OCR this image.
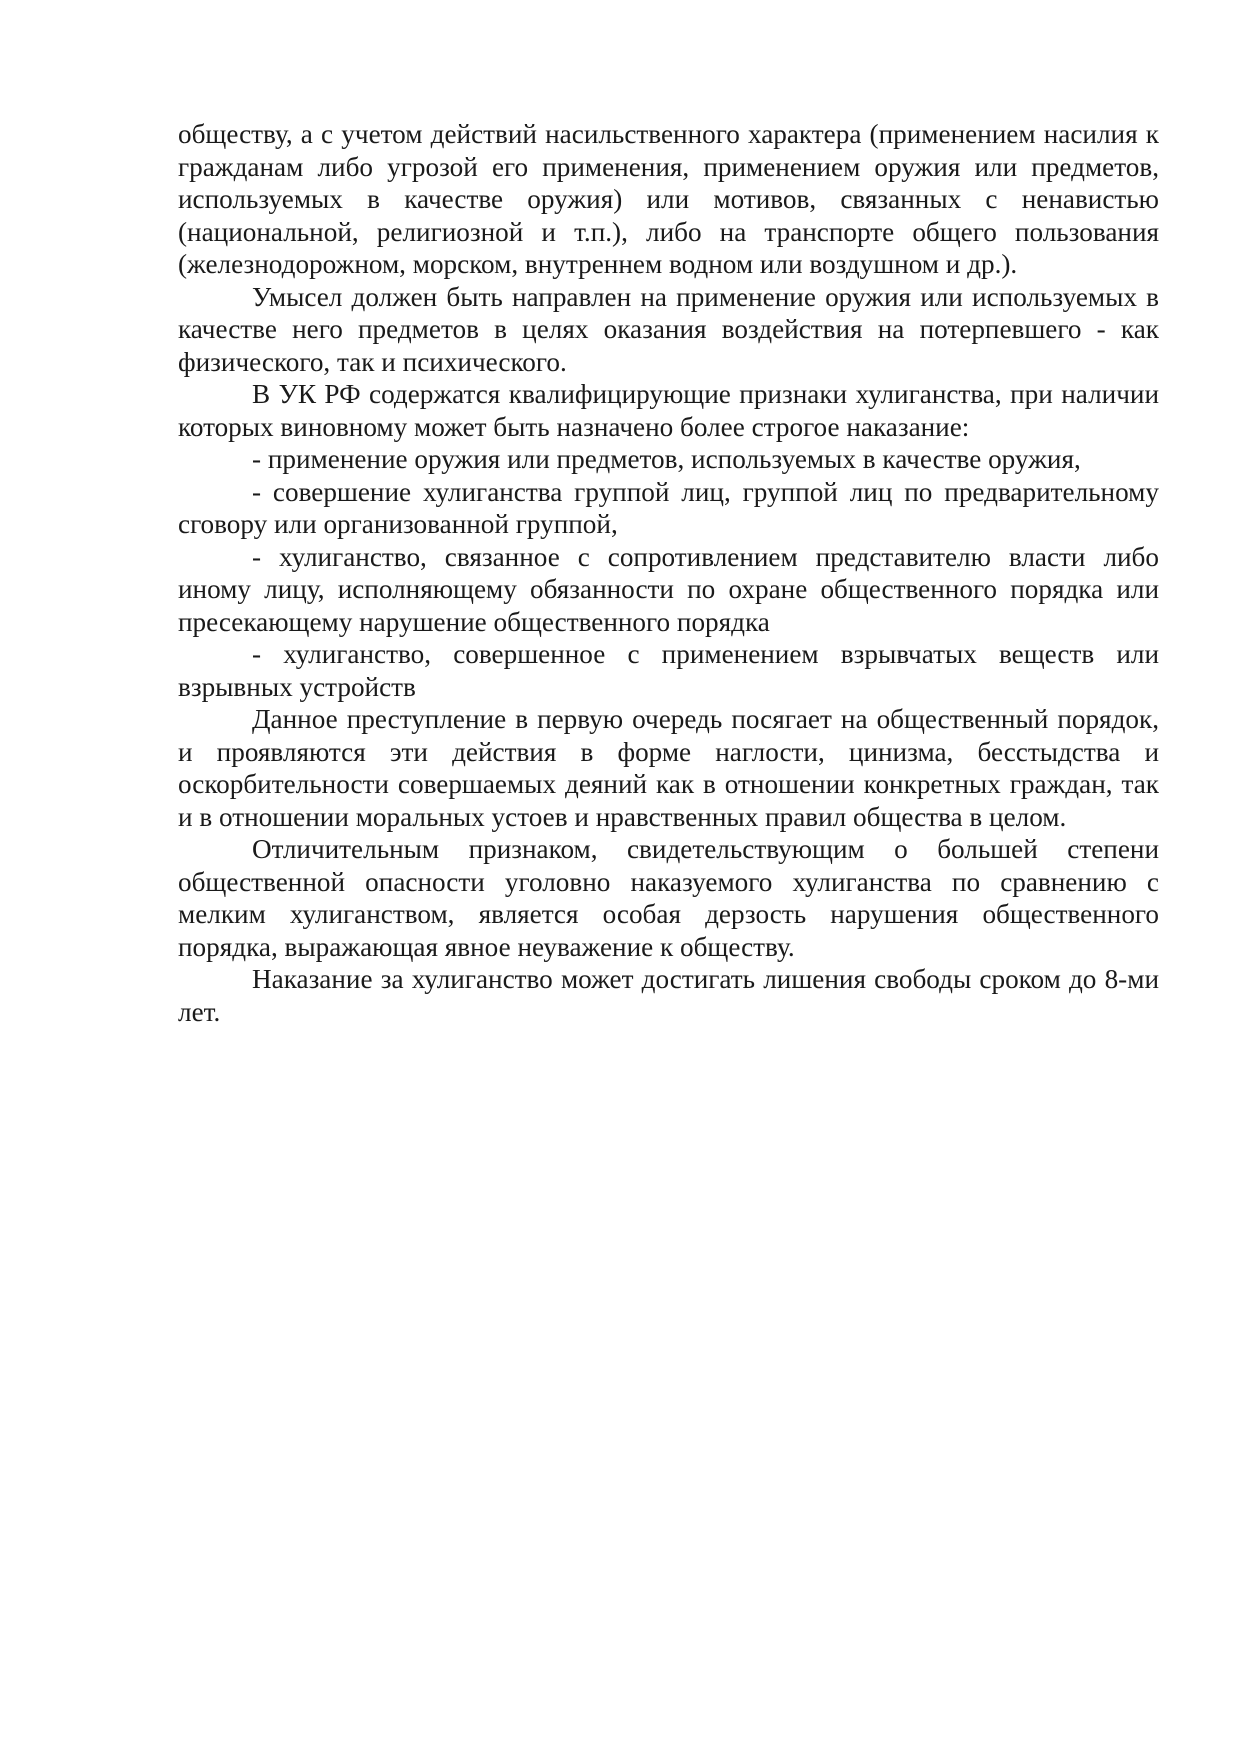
обществу, а с учетом действий насильственного характера (применением насилия к гражданам либо угрозой его применения, применением оружия или предметов, используемых в качестве оружия) или мотивов, связанных с ненавистью (национальной, религиозной и т.п.), либо на транспорте общего пользования (железнодорожном, морском, внутреннем водном или воздушном и др.).

Умысел должен быть направлен на применение оружия или используемых в качестве него предметов в целях оказания воздействия на потерпевшего - как физического, так и психического.

В УК РФ содержатся квалифицирующие признаки хулиганства, при наличии которых виновному может быть назначено более строгое наказание:

- применение оружия или предметов, используемых в качестве оружия,

- совершение хулиганства группой лиц, группой лиц по предварительному сговору или организованной группой,

- хулиганство, связанное с сопротивлением представителю власти либо иному лицу, исполняющему обязанности по охране общественного порядка или пресекающему нарушение общественного порядка

- хулиганство, совершенное с применением взрывчатых веществ или взрывных устройств

Данное преступление в первую очередь посягает на общественный порядок, и проявляются эти действия в форме наглости, цинизма, бесстыдства и оскорбительности совершаемых деяний как в отношении конкретных граждан, так и в отношении моральных устоев и нравственных правил общества в целом.

Отличительным признаком, свидетельствующим о большей степени общественной опасности уголовно наказуемого хулиганства по сравнению с мелким хулиганством, является особая дерзость нарушения общественного порядка, выражающая явное неуважение к обществу.

Наказание за хулиганство может достигать лишения свободы сроком до 8-ми лет.
